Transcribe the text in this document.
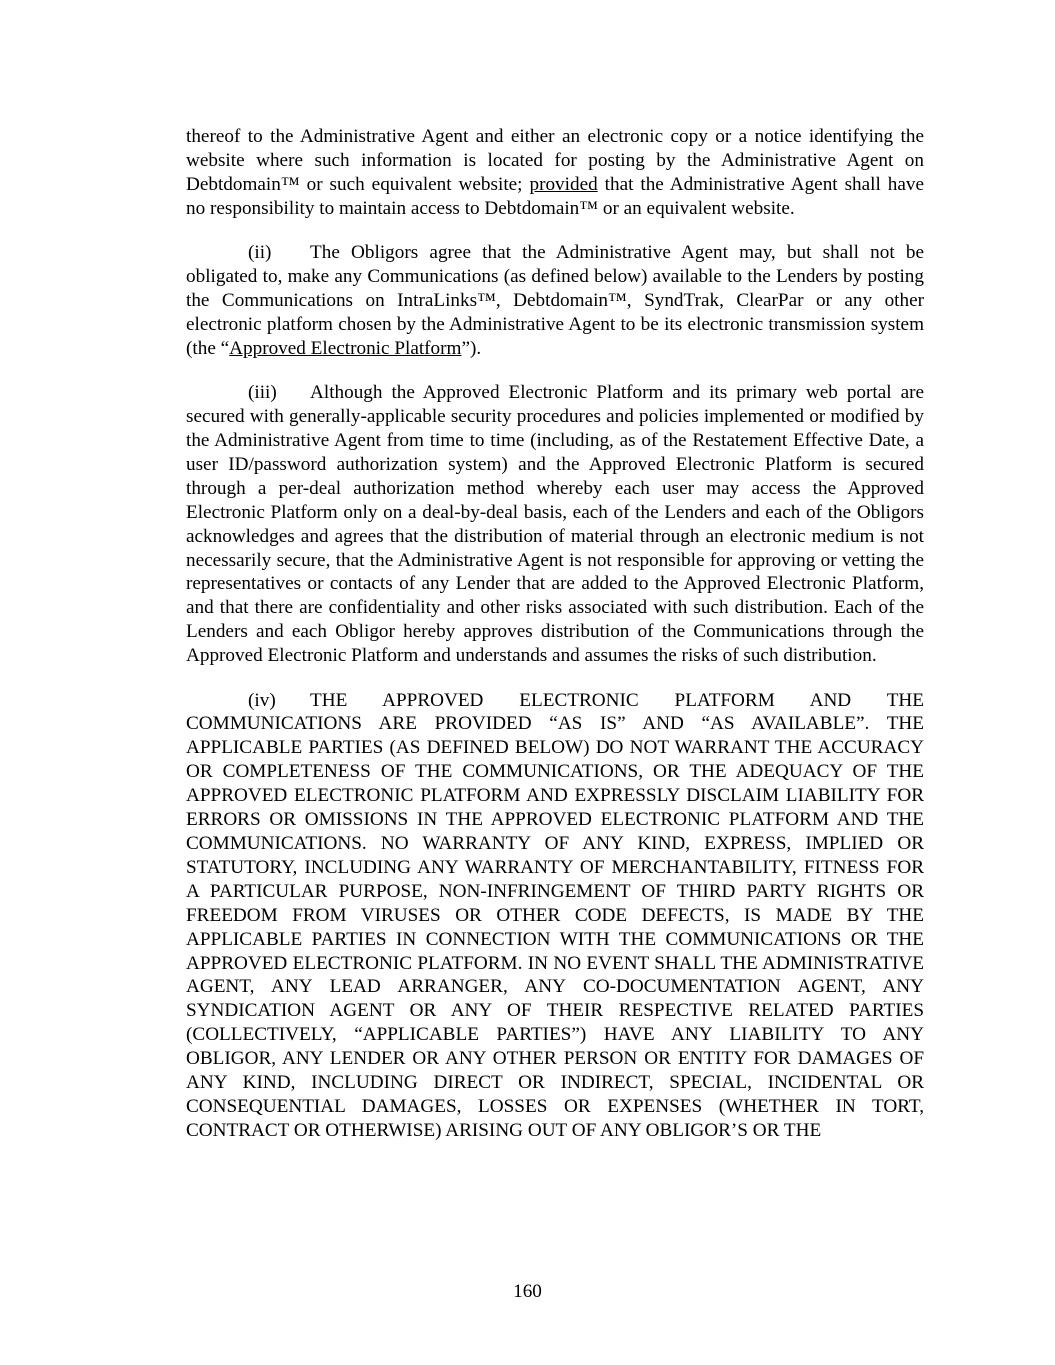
thereof to the Administrative Agent and either an electronic copy or a notice identifying the website where such information is located for posting by the Administrative Agent on Debtdomain™ or such equivalent website; provided that the Administrative Agent shall have no responsibility to maintain access to Debtdomain™ or an equivalent website.

(ii) The Obligors agree that the Administrative Agent may, but shall not be obligated to, make any Communications (as defined below) available to the Lenders by posting the Communications on IntraLinks™, Debtdomain™, SyndTrak, ClearPar or any other electronic platform chosen by the Administrative Agent to be its electronic transmission system (the “Approved Electronic Platform”).

(iii) Although the Approved Electronic Platform and its primary web portal are secured with generally-applicable security procedures and policies implemented or modified by the Administrative Agent from time to time (including, as of the Restatement Effective Date, a user ID/password authorization system) and the Approved Electronic Platform is secured through a per-deal authorization method whereby each user may access the Approved Electronic Platform only on a deal-by-deal basis, each of the Lenders and each of the Obligors acknowledges and agrees that the distribution of material through an electronic medium is not necessarily secure, that the Administrative Agent is not responsible for approving or vetting the representatives or contacts of any Lender that are added to the Approved Electronic Platform, and that there are confidentiality and other risks associated with such distribution. Each of the Lenders and each Obligor hereby approves distribution of the Communications through the Approved Electronic Platform and understands and assumes the risks of such distribution.

(iv) THE APPROVED ELECTRONIC PLATFORM AND THE COMMUNICATIONS ARE PROVIDED “AS IS” AND “AS AVAILABLE”. THE APPLICABLE PARTIES (AS DEFINED BELOW) DO NOT WARRANT THE ACCURACY OR COMPLETENESS OF THE COMMUNICATIONS, OR THE ADEQUACY OF THE APPROVED ELECTRONIC PLATFORM AND EXPRESSLY DISCLAIM LIABILITY FOR ERRORS OR OMISSIONS IN THE APPROVED ELECTRONIC PLATFORM AND THE COMMUNICATIONS. NO WARRANTY OF ANY KIND, EXPRESS, IMPLIED OR STATUTORY, INCLUDING ANY WARRANTY OF MERCHANTABILITY, FITNESS FOR A PARTICULAR PURPOSE, NON-INFRINGEMENT OF THIRD PARTY RIGHTS OR FREEDOM FROM VIRUSES OR OTHER CODE DEFECTS, IS MADE BY THE APPLICABLE PARTIES IN CONNECTION WITH THE COMMUNICATIONS OR THE APPROVED ELECTRONIC PLATFORM. IN NO EVENT SHALL THE ADMINISTRATIVE AGENT, ANY LEAD ARRANGER, ANY CO-DOCUMENTATION AGENT, ANY SYNDICATION AGENT OR ANY OF THEIR RESPECTIVE RELATED PARTIES (COLLECTIVELY, “APPLICABLE PARTIES”) HAVE ANY LIABILITY TO ANY OBLIGOR, ANY LENDER OR ANY OTHER PERSON OR ENTITY FOR DAMAGES OF ANY KIND, INCLUDING DIRECT OR INDIRECT, SPECIAL, INCIDENTAL OR CONSEQUENTIAL DAMAGES, LOSSES OR EXPENSES (WHETHER IN TORT, CONTRACT OR OTHERWISE) ARISING OUT OF ANY OBLIGOR’S OR THE

160
